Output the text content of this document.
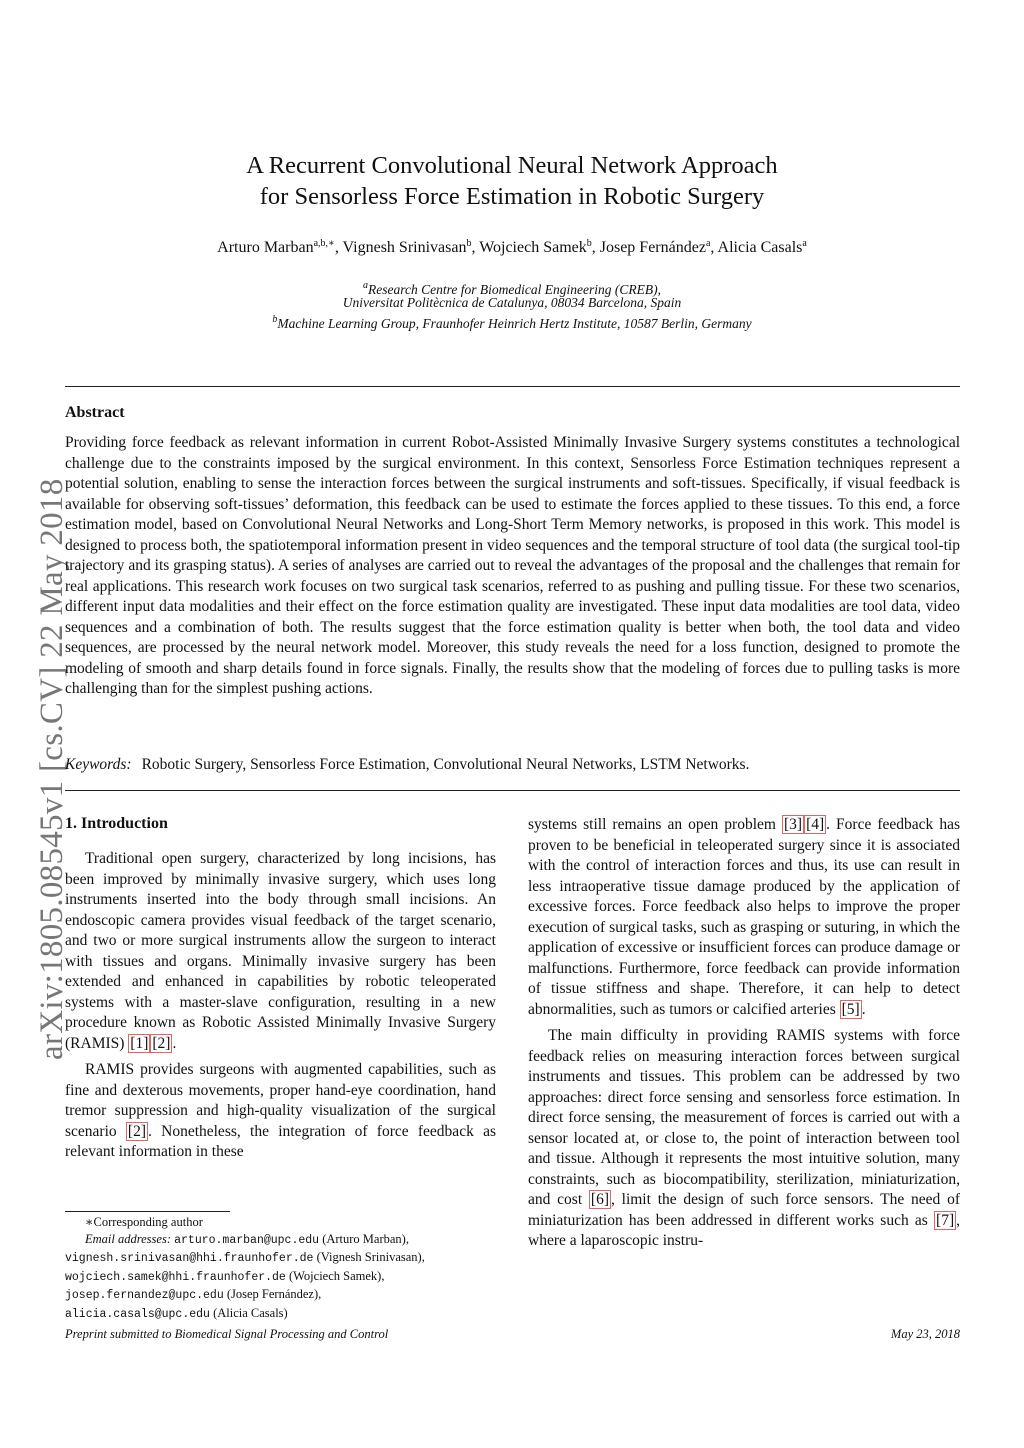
arXiv:1805.08545v1 [cs.CV] 22 May 2018
A Recurrent Convolutional Neural Network Approach
for Sensorless Force Estimation in Robotic Surgery
Arturo Marban$^{a,b,∗}$, Vignesh Srinivasan$^b$, Wojciech Samek$^b$, Josep Fernández$^a$, Alicia Casals$^a$
$^a$Research Centre for Biomedical Engineering (CREB),
Universitat Politècnica de Catalunya, 08034 Barcelona, Spain
$^b$Machine Learning Group, Fraunhofer Heinrich Hertz Institute, 10587 Berlin, Germany
Abstract
Providing force feedback as relevant information in current Robot-Assisted Minimally Invasive Surgery systems constitutes a technological challenge due to the constraints imposed by the surgical environment. In this context, Sensorless Force Estimation techniques represent a potential solution, enabling to sense the interaction forces between the surgical instruments and soft-tissues. Specifically, if visual feedback is available for observing soft-tissues’ deformation, this feedback can be used to estimate the forces applied to these tissues. To this end, a force estimation model, based on Convolutional Neural Networks and Long-Short Term Memory networks, is proposed in this work. This model is designed to process both, the spatiotemporal information present in video sequences and the temporal structure of tool data (the surgical tool-tip trajectory and its grasping status). A series of analyses are carried out to reveal the advantages of the proposal and the challenges that remain for real applications. This research work focuses on two surgical task scenarios, referred to as pushing and pulling tissue. For these two scenarios, different input data modalities and their effect on the force estimation quality are investigated. These input data modalities are tool data, video sequences and a combination of both. The results suggest that the force estimation quality is better when both, the tool data and video sequences, are processed by the neural network model. Moreover, this study reveals the need for a loss function, designed to promote the modeling of smooth and sharp details found in force signals. Finally, the results show that the modeling of forces due to pulling tasks is more challenging than for the simplest pushing actions.
Keywords: Robotic Surgery, Sensorless Force Estimation, Convolutional Neural Networks, LSTM Networks.
1. Introduction

Traditional open surgery, characterized by long incisions, has been improved by minimally invasive surgery, which uses long instruments inserted into the body through small incisions. An endoscopic camera provides visual feedback of the target scenario, and two or more surgical instruments allow the surgeon to interact with tissues and organs. Minimally invasive surgery has been extended and enhanced in capabilities by robotic teleoperated systems with a master-slave configuration, resulting in a new procedure known as Robotic Assisted Minimally Invasive Surgery (RAMIS) [1] [2] .

RAMIS provides surgeons with augmented capabilities, such as fine and dexterous movements, proper hand-eye coordination, hand tremor suppression and high-quality visualization of the surgical scenario [2] . Nonetheless, the integration of force feedback as relevant information in these

systems still remains an open problem [3] [4] . Force feedback has proven to be beneficial in teleoperated surgery since it is associated with the control of interaction forces and thus, its use can result in less intraoperative tissue damage produced by the application of excessive forces. Force feedback also helps to improve the proper execution of surgical tasks, such as grasping or suturing, in which the application of excessive or insufficient forces can produce damage or malfunctions. Furthermore, force feedback can provide information of tissue stiffness and shape. Therefore, it can help to detect abnormalities, such as tumors or calcified arteries [5] .

The main difficulty in providing RAMIS systems with force feedback relies on measuring interaction forces between surgical instruments and tissues. This problem can be addressed by two approaches: direct force sensing and sensorless force estimation. In direct force sensing, the measurement of forces is carried out with a sensor located at, or close to, the point of interaction between tool and tissue. Although it represents the most intuitive solution, many constraints, such as biocompatibility, sterilization, miniaturization, and cost [6] , limit the design of such force sensors. The need of miniaturization has been addressed in different works such as [7] , where a laparoscopic instru-

∗Corresponding author
Email addresses: arturo.marban@upc.edu (Arturo Marban),
vignesh.srinivasan@hhi.fraunhofer.de (Vignesh Srinivasan),
wojciech.samek@hhi.fraunhofer.de (Wojciech Samek),
josep.fernandez@upc.edu (Josep Fernández),
alicia.casals@upc.edu (Alicia Casals)
Preprint submitted to Biomedical Signal Processing and Control	May 23, 2018
